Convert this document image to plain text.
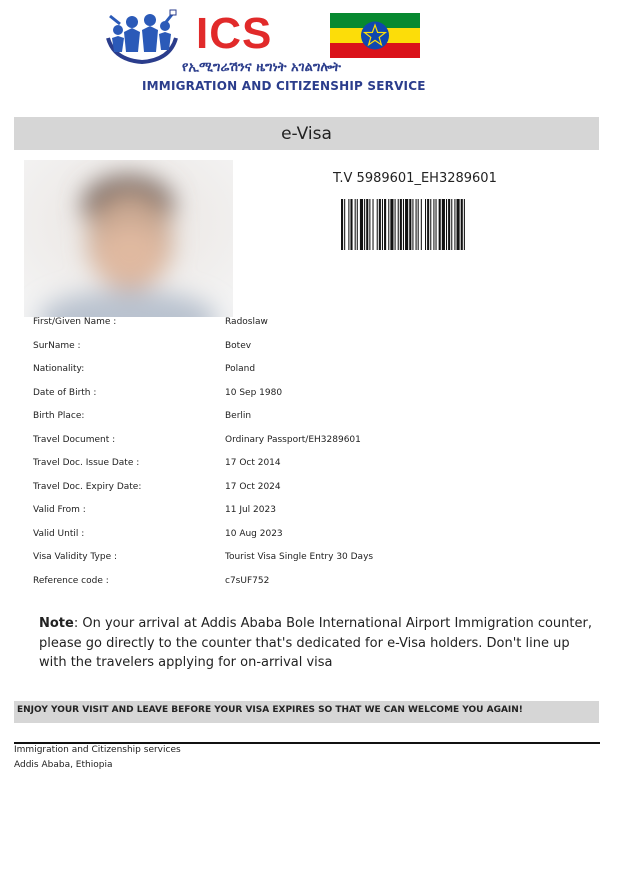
ICS
የኢሚግሬሽንና ዜግነት አገልግሎት
IMMIGRATION AND CITIZENSHIP SERVICE
e-Visa
T.V 5989601_EH3289601
First/Given Name :	Radoslaw
SurName :	Botev
Nationality:	Poland
Date of Birth :	10 Sep 1980
Birth Place:	Berlin
Travel Document :	Ordinary Passport/EH3289601
Travel Doc. Issue Date :	17 Oct 2014
Travel Doc. Expiry Date:	17 Oct 2024
Valid From :	11 Jul 2023
Valid Until :	10 Aug 2023
Visa Validity Type :	Tourist Visa Single Entry 30 Days
Reference code :	c7sUF752
Note: On your arrival at Addis Ababa Bole International Airport Immigration counter, please go directly to the counter that's dedicated for e-Visa holders. Don't line up with the travelers applying for on-arrival visa
ENJOY YOUR VISIT AND LEAVE BEFORE YOUR VISA EXPIRES SO THAT WE CAN WELCOME YOU AGAIN!
Immigration and Citizenship services
Addis Ababa, Ethiopia
